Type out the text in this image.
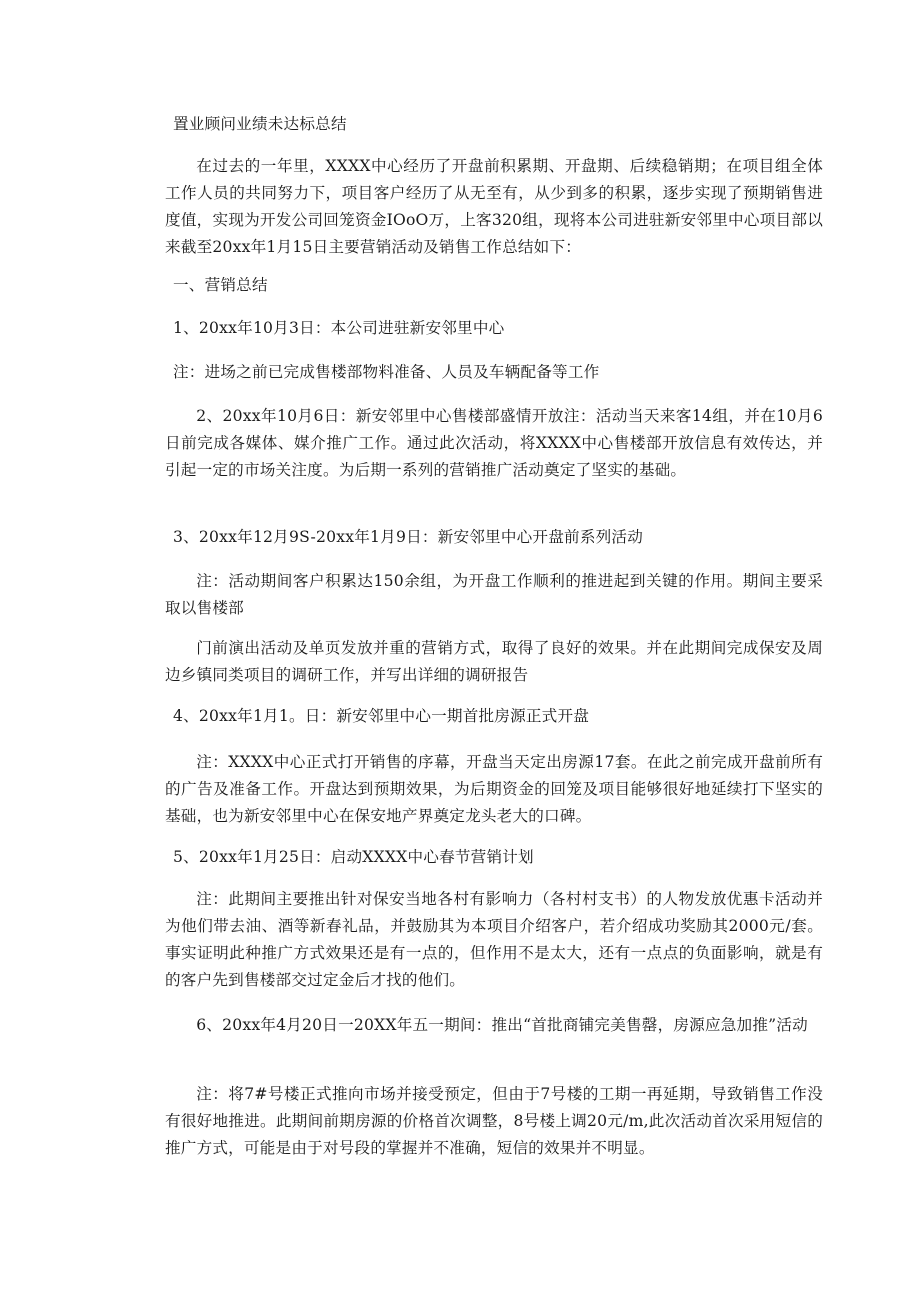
置业顾问业绩未达标总结

在过去的一年里，XXXX中心经历了开盘前积累期、开盘期、后续稳销期；在项目组全体工作人员的共同努力下，项目客户经历了从无至有，从少到多的积累，逐步实现了预期销售进度值，实现为开发公司回笼资金IOoO万，上客320组，现将本公司进驻新安邻里中心项目部以来截至20xx年1月15日主要营销活动及销售工作总结如下：

一、营销总结

1、20xx年10月3日：本公司进驻新安邻里中心

注：进场之前已完成售楼部物料准备、人员及车辆配备等工作

2、20xx年10月6日：新安邻里中心售楼部盛情开放注：活动当天来客14组，并在10月6日前完成各媒体、媒介推广工作。通过此次活动，将XXXX中心售楼部开放信息有效传达，并引起一定的市场关注度。为后期一系列的营销推广活动奠定了坚实的基础。

3、20xx年12月9S-20xx年1月9日：新安邻里中心开盘前系列活动

注：活动期间客户积累达150余组，为开盘工作顺利的推进起到关键的作用。期间主要采取以售楼部

门前演出活动及单页发放并重的营销方式，取得了良好的效果。并在此期间完成保安及周边乡镇同类项目的调研工作，并写出详细的调研报告

4、20xx年1月1。日：新安邻里中心一期首批房源正式开盘

注：XXXX中心正式打开销售的序幕，开盘当天定出房源17套。在此之前完成开盘前所有的广告及准备工作。开盘达到预期效果，为后期资金的回笼及项目能够很好地延续打下坚实的基础，也为新安邻里中心在保安地产界奠定龙头老大的口碑。

5、20xx年1月25日：启动XXXX中心春节营销计划

注：此期间主要推出针对保安当地各村有影响力（各村村支书）的人物发放优惠卡活动并为他们带去油、酒等新春礼品，并鼓励其为本项目介绍客户，若介绍成功奖励其2000元/套。事实证明此种推广方式效果还是有一点的，但作用不是太大，还有一点点的负面影响，就是有的客户先到售楼部交过定金后才找的他们。

6、20xx年4月20日一20XX年五一期间：推出“首批商铺完美售罄，房源应急加推”活动

注：将7#号楼正式推向市场并接受预定，但由于7号楼的工期一再延期，导致销售工作没有很好地推进。此期间前期房源的价格首次调整，8号楼上调20元/m,此次活动首次采用短信的推广方式，可能是由于对号段的掌握并不准确，短信的效果并不明显。
